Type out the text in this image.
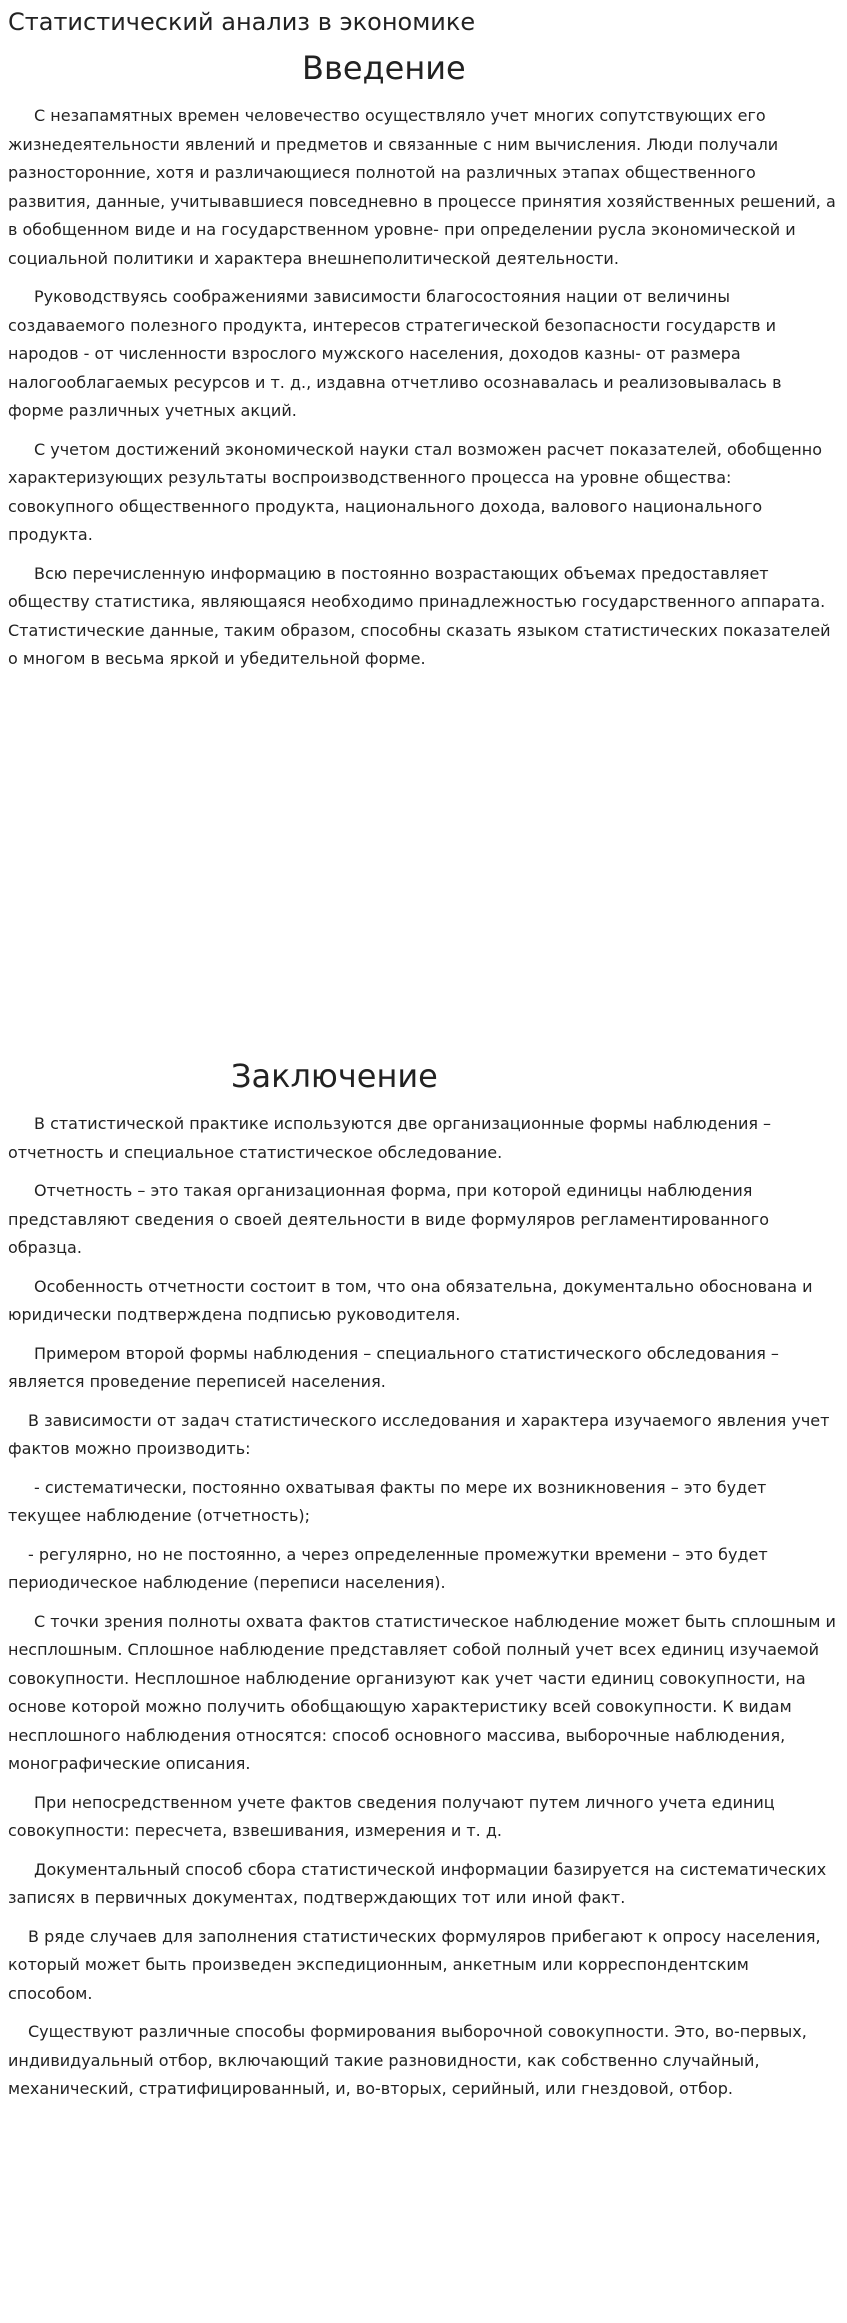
Статистический анализ в экономике
Введение

С незапамятных времен человечество осуществляло учет многих сопутствующих его жизнедеятельности явлений и предметов и связанные с ним вычисления. Люди получали разносторонние, хотя и различающиеся полнотой на различных этапах общественного развития, данные, учитывавшиеся повседневно в процессе принятия хозяйственных решений, а в обобщенном виде и на государственном уровне- при определении русла экономической и социальной политики и характера внешнеполитической деятельности.

Руководствуясь соображениями зависимости благосостояния нации от величины создаваемого полезного продукта, интересов стратегической безопасности государств и народов - от численности взрослого мужского населения, доходов казны- от размера налогооблагаемых ресурсов и т. д., издавна отчетливо осознавалась и реализовывалась в форме различных учетных акций.

С учетом достижений экономической науки стал возможен расчет показателей, обобщенно характеризующих результаты воспроизводственного процесса на уровне общества: совокупного общественного продукта, национального дохода, валового национального продукта.

Всю перечисленную информацию в постоянно возрастающих объемах предоставляет обществу статистика, являющаяся необходимо принадлежностью государственного аппарата. Статистические данные, таким образом, способны сказать языком статистических показателей о многом в весьма яркой и убедительной форме.

Заключение

В статистической практике используются две организационные формы наблюдения – отчетность и специальное статистическое обследование.

Отчетность – это такая организационная форма, при которой единицы наблюдения представляют сведения о своей деятельности в виде формуляров регламентированного образца.

Особенность отчетности состоит в том, что она обязательна, документально обоснована и юридически подтверждена подписью руководителя.

Примером второй формы наблюдения – специального статистического обследования – является проведение переписей населения.

В зависимости от задач статистического исследования и характера изучаемого явления учет фактов можно производить:

- систематически, постоянно охватывая факты по мере их возникновения – это будет текущее наблюдение (отчетность);

- регулярно, но не постоянно, а через определенные промежутки времени – это будет периодическое наблюдение (переписи населения).

С точки зрения полноты охвата фактов статистическое наблюдение может быть сплошным и несплошным. Сплошное наблюдение представляет собой полный учет всех единиц изучаемой совокупности. Несплошное наблюдение организуют как учет части единиц совокупности, на основе которой можно получить обобщающую характеристику всей совокупности. К видам несплошного наблюдения относятся: способ основного массива, выборочные наблюдения, монографические описания.

При непосредственном учете фактов сведения получают путем личного учета единиц совокупности: пересчета, взвешивания, измерения и т. д.

Документальный способ сбора статистической информации базируется на систематических записях в первичных документах, подтверждающих тот или иной факт.

В ряде случаев для заполнения статистических формуляров прибегают к опросу населения, который может быть произведен экспедиционным, анкетным или корреспондентским способом.

Существуют различные способы формирования выборочной совокупности. Это, во-первых, индивидуальный отбор, включающий такие разновидности, как собственно случайный, механический, стратифицированный, и, во-вторых, серийный, или гнездовой, отбор.
